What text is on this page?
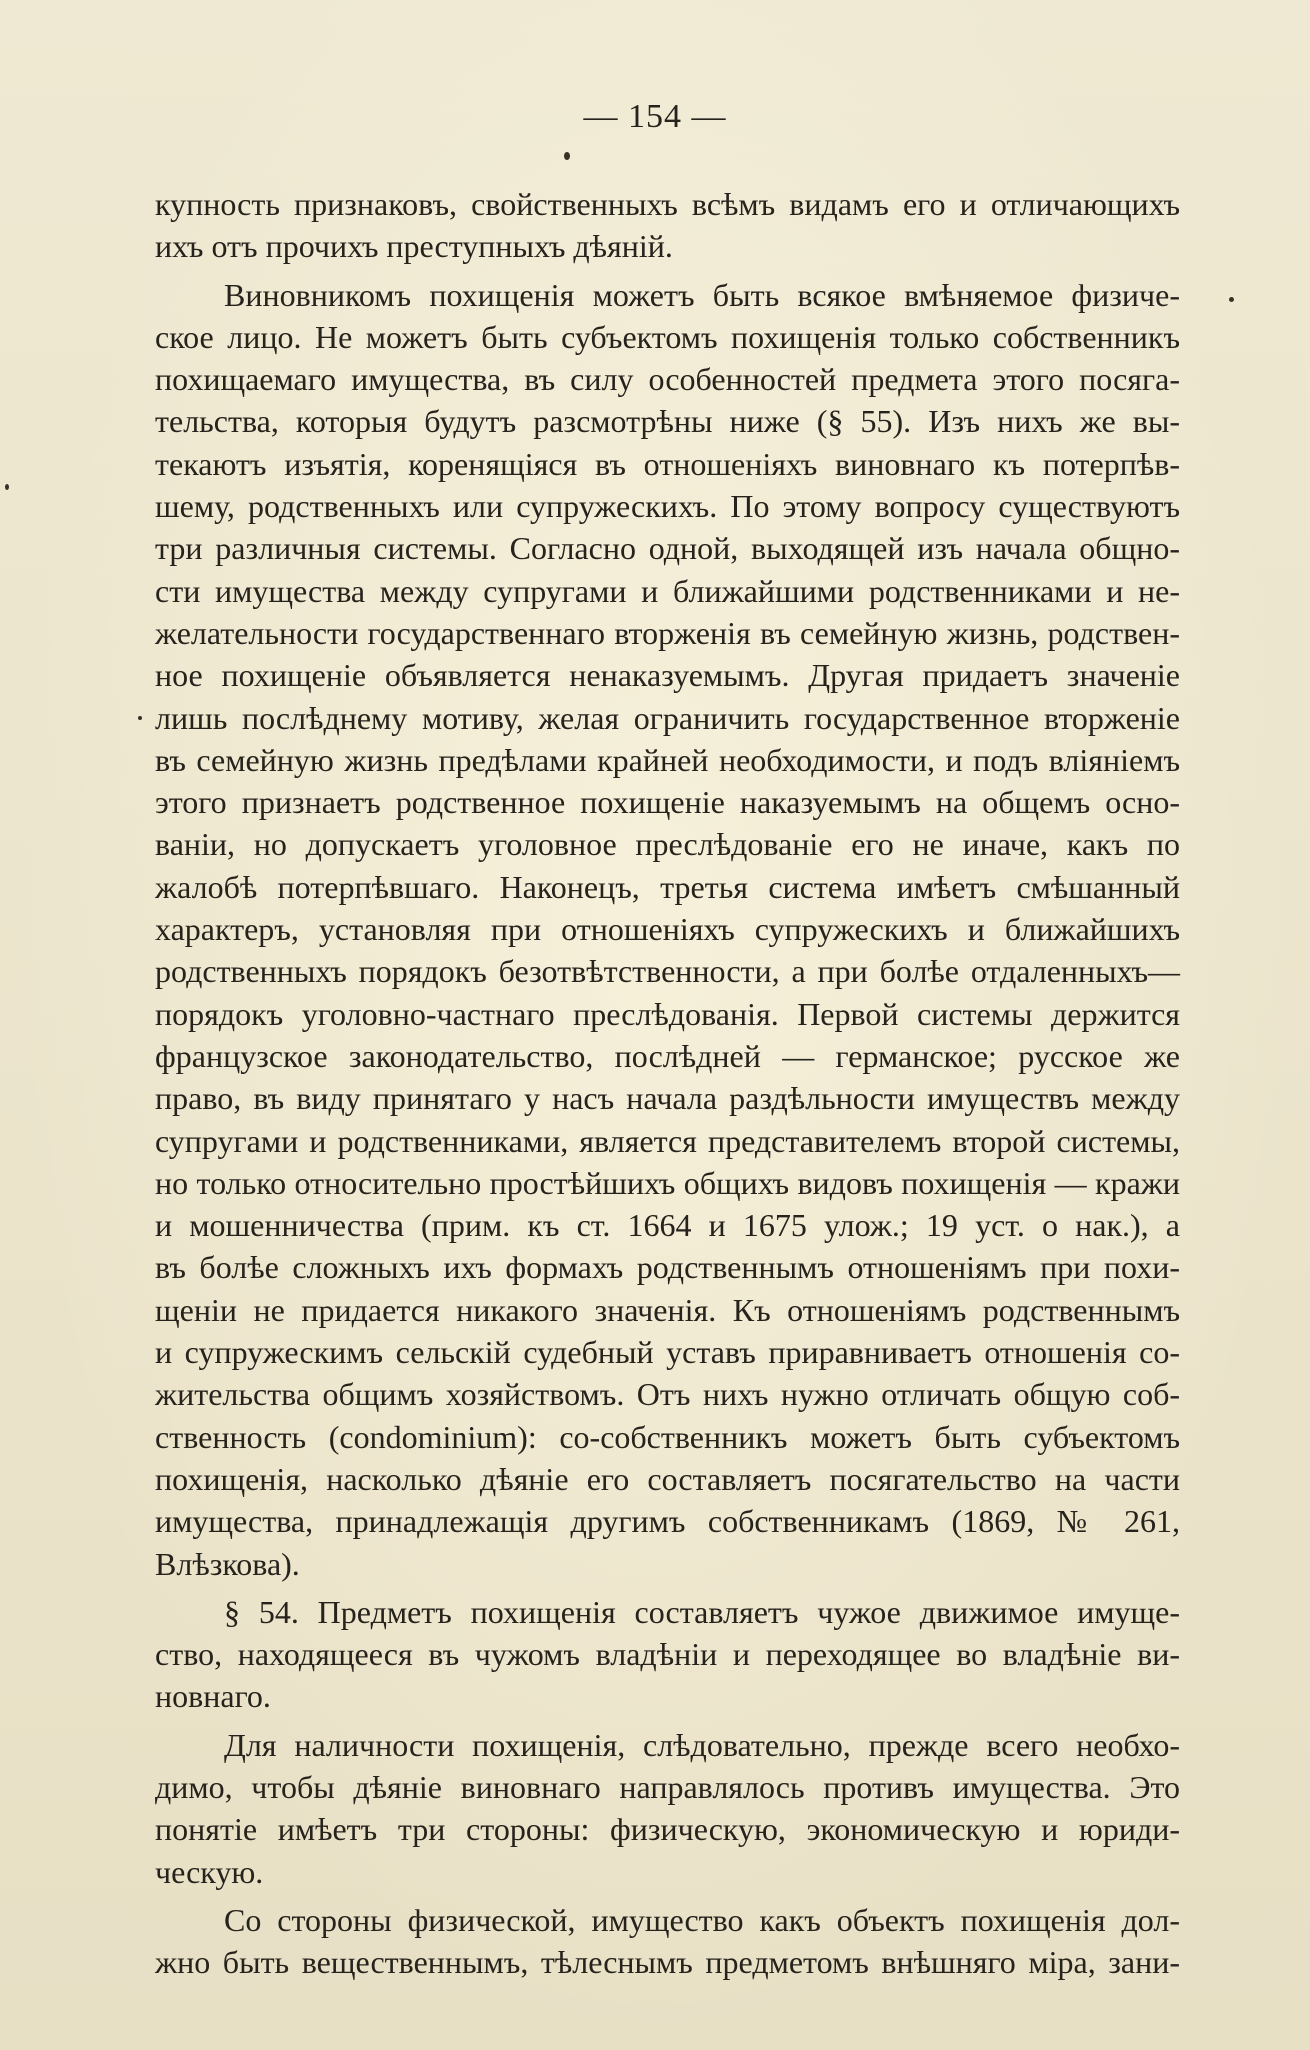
— 154 —
купность признаковъ, свойственныхъ всѣмъ видамъ его и отличающихъ
ихъ отъ прочихъ преступныхъ дѣяній.
Виновникомъ похищенія можетъ быть всякое вмѣняемое физиче-
ское лицо. Не можетъ быть субъектомъ похищенія только собственникъ
похищаемаго имущества, въ силу особенностей предмета этого посяга-
тельства, которыя будутъ разсмотрѣны ниже (§ 55). Изъ нихъ же вы-
текаютъ изъятія, коренящіяся въ отношеніяхъ виновнаго къ потерпѣв-
шему, родственныхъ или супружескихъ. По этому вопросу существуютъ
три различныя системы. Согласно одной, выходящей изъ начала общно-
сти имущества между супругами и ближайшими родственниками и не-
желательности государственнаго вторженія въ семейную жизнь, родствен-
ное похищеніе объявляется ненаказуемымъ. Другая придаетъ значеніе
лишь послѣднему мотиву, желая ограничить государственное вторженіе
въ семейную жизнь предѣлами крайней необходимости, и подъ вліяніемъ
этого признаетъ родственное похищеніе наказуемымъ на общемъ осно-
ваніи, но допускаетъ уголовное преслѣдованіе его не иначе, какъ по
жалобѣ потерпѣвшаго. Наконецъ, третья система имѣетъ смѣшанный
характеръ, установляя при отношеніяхъ супружескихъ и ближайшихъ
родственныхъ порядокъ безотвѣтственности, а при болѣе отдаленныхъ—
порядокъ уголовно-частнаго преслѣдованія. Первой системы держится
французское законодательство, послѣдней — германское; русское же
право, въ виду принятаго у насъ начала раздѣльности имуществъ между
супругами и родственниками, является представителемъ второй системы,
но только относительно простѣйшихъ общихъ видовъ похищенія — кражи
и мошенничества (прим. къ ст. 1664 и 1675 улож.; 19 уст. о нак.), а
въ болѣе сложныхъ ихъ формахъ родственнымъ отношеніямъ при похи-
щеніи не придается никакого значенія. Къ отношеніямъ родственнымъ
и супружескимъ сельскій судебный уставъ приравниваетъ отношенія со-
жительства общимъ хозяйствомъ. Отъ нихъ нужно отличать общую соб-
ственность (condominium): со-собственникъ можетъ быть субъектомъ
похищенія, насколько дѣяніе его составляетъ посягательство на части
имущества, принадлежащія другимъ собственникамъ (1869, № 261,
Влѣзкова).
§ 54. Предметъ похищенія составляетъ чужое движимое имуще-
ство, находящееся въ чужомъ владѣніи и переходящее во владѣніе ви-
новнаго.
Для наличности похищенія, слѣдовательно, прежде всего необхо-
димо, чтобы дѣяніе виновнаго направлялось противъ имущества. Это
понятіе имѣетъ три стороны: физическую, экономическую и юриди-
ческую.
Со стороны физической, имущество какъ объектъ похищенія дол-
жно быть вещественнымъ, тѣлеснымъ предметомъ внѣшняго міра, зани-
